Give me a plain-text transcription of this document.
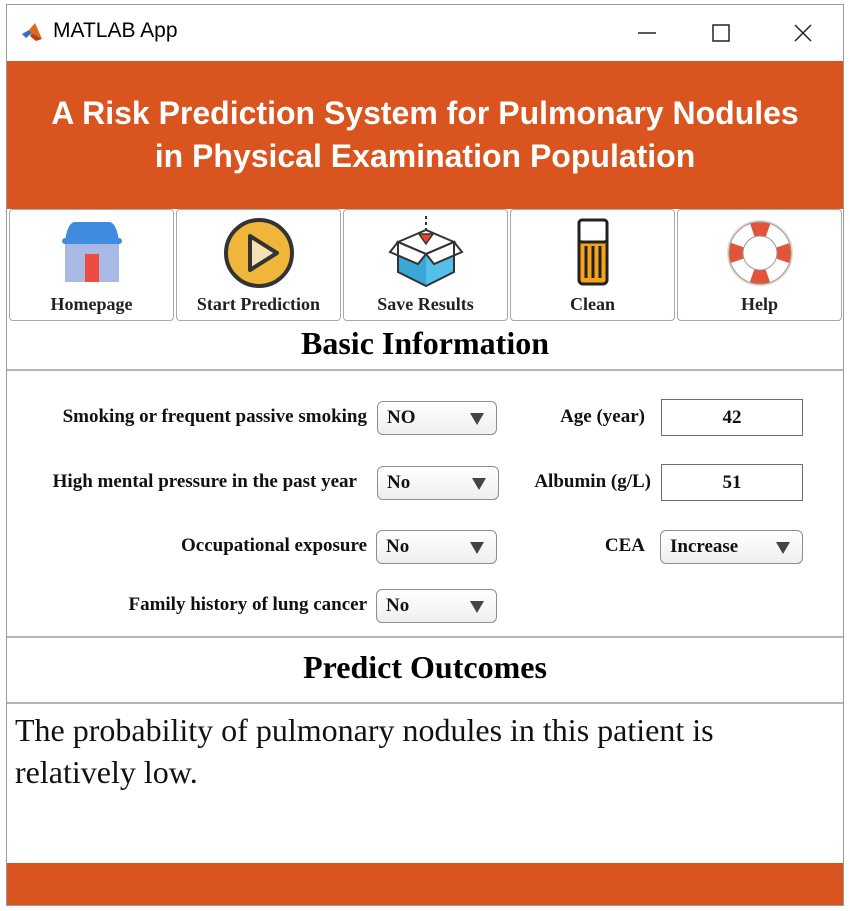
MATLAB App
A Risk Prediction System for Pulmonary Nodules in Physical Examination Population
Homepage	Start Prediction	Save Results	Clean	Help
Basic Information
Smoking or frequent passive smoking NO
High mental pressure in the past year No
Occupational exposure No
Family history of lung cancer No
Age (year)	42
Albumin (g/L)	51
CEA Increase
Predict Outcomes
The probability of pulmonary nodules in this patient is relatively low.
